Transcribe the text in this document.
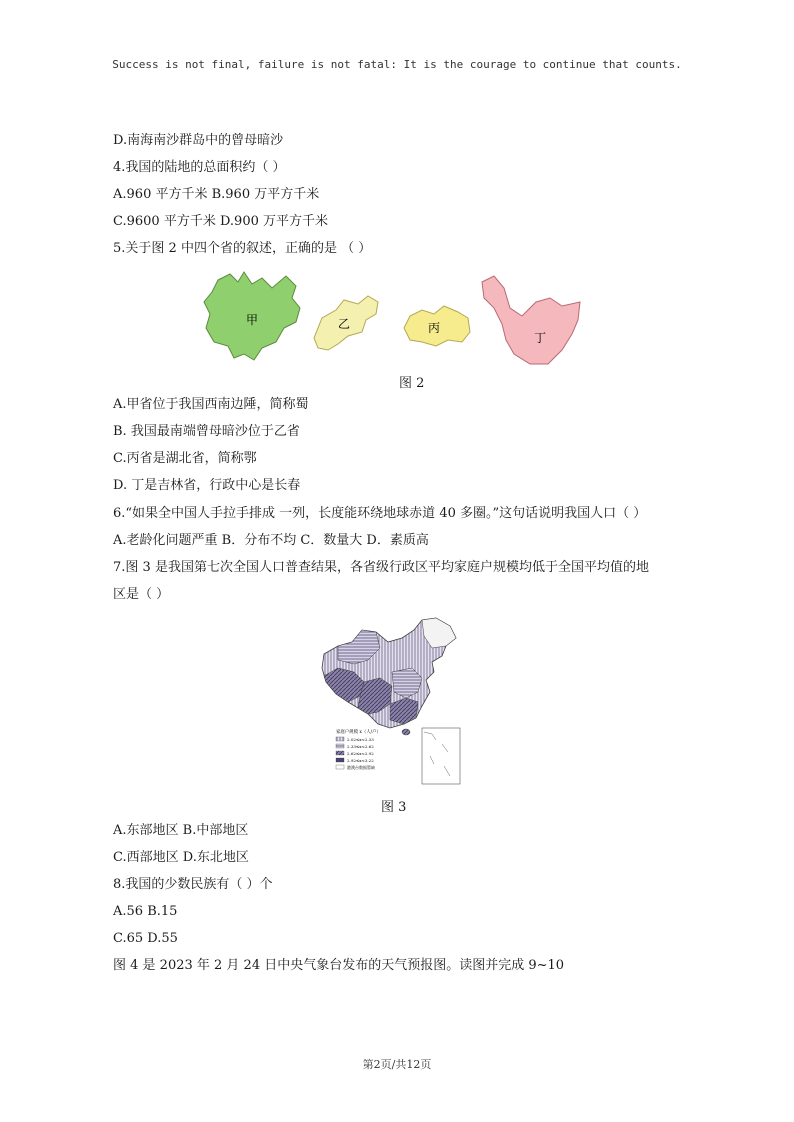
Success is not final, failure is not fatal: It is the courage to continue that counts.
D.南海南沙群岛中的曾母暗沙
4.我国的陆地的总面积约（ ）
A.960 平方千米 B.960 万平方千米
C.9600 平方千米 D.900 万平方千米
5.关于图 2 中四个省的叙述，正确的是 （ ）
甲	乙	丙
丁
图 2
A.甲省位于我国西南边陲，简称蜀
B. 我国最南端曾母暗沙位于乙省
C.丙省是湖北省，简称鄂
D. 丁是吉林省，行政中心是长春
6.“如果全中国人手拉手排成 一列，长度能环绕地球赤道 40 多圈。”这句话说明我国人口（ ）
A.老龄化问题严重 B．分布不均 C．数量大 D．素质高
7.图 3 是我国第七次全国人口普查结果，各省级行政区平均家庭户规模均低于全国平均值的地
区是（ ）
家庭户规模 x（人/户）
2.02≤x<2.33
2.33≤x<2.62
2.62≤x<2.92
2.92≤x<3.22
港澳台数据暂缺
图 3
A.东部地区 B.中部地区
C.西部地区 D.东北地区
8.我国的少数民族有（ ）个
A.56 B.15
C.65 D.55
图 4 是 2023 年 2 月 24 日中央气象台发布的天气预报图。读图并完成 9~10
第2页/共12页
